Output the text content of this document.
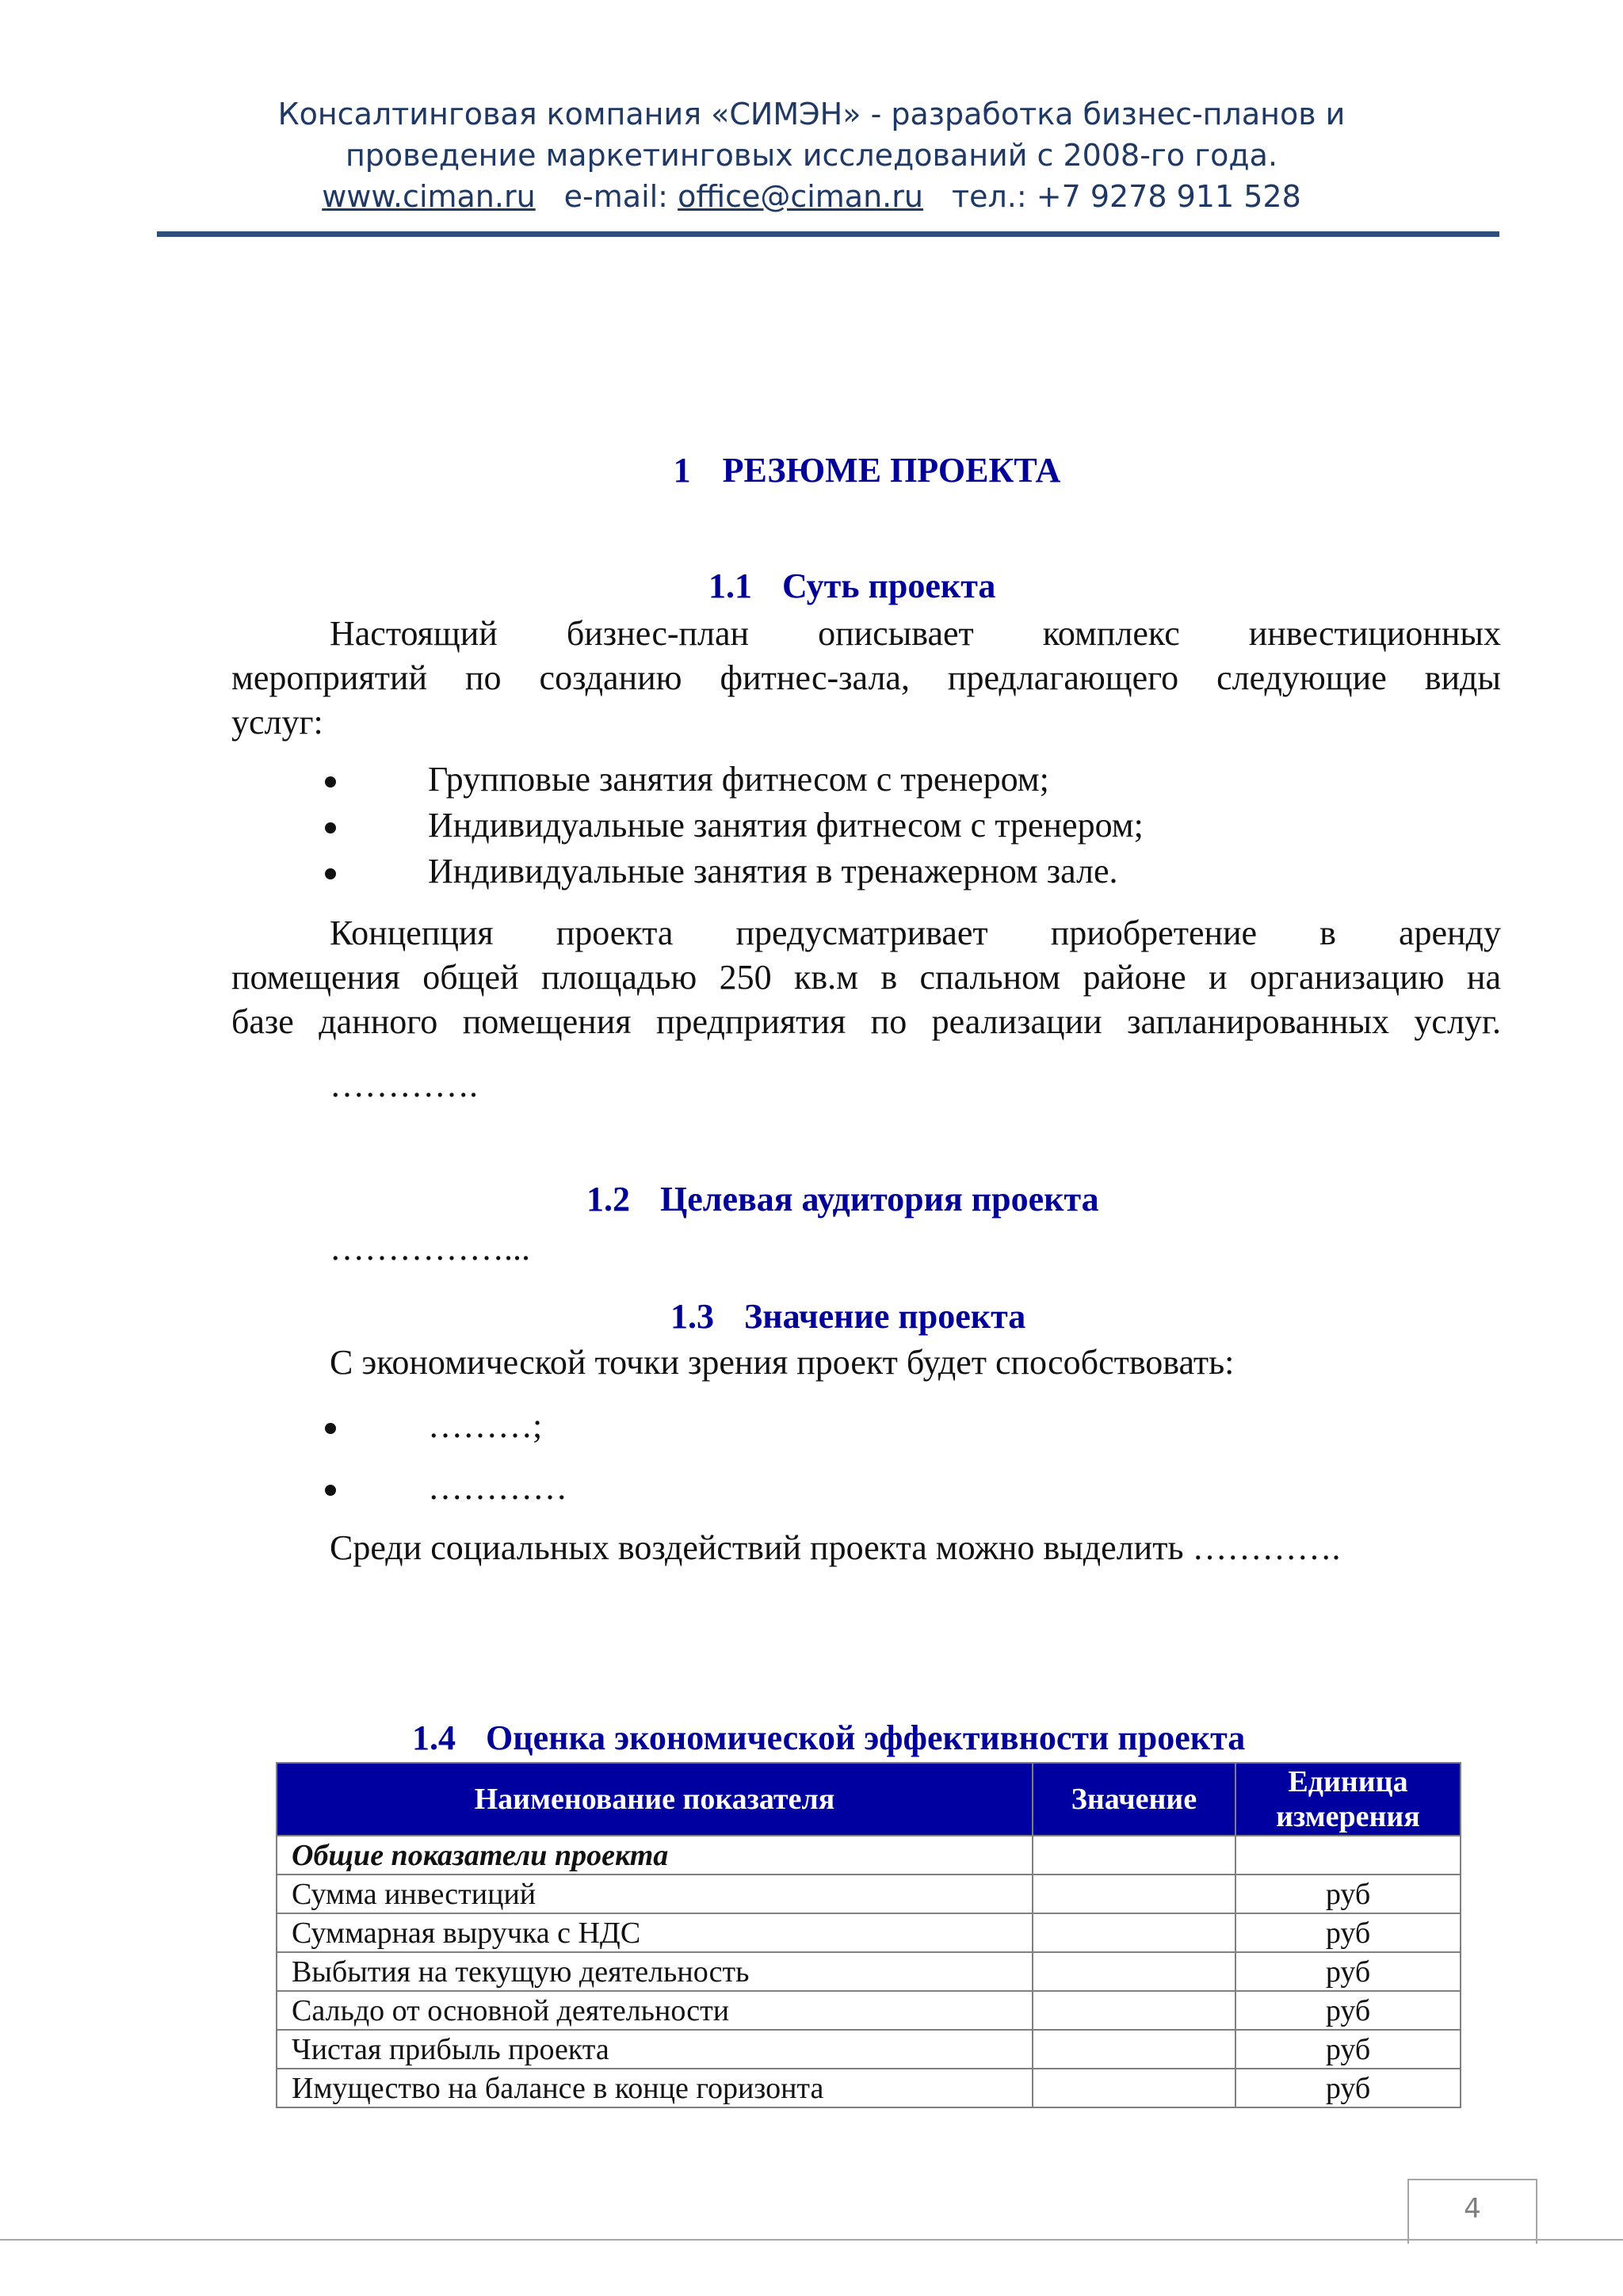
Консалтинговая компания «СИМЭН» - разработка бизнес-планов и
проведение маркетинговых исследований с 2008-го года.
www.ciman.ru e-mail: office@ciman.ru тел.: +7 9278 911 528
1 РЕЗЮМЕ ПРОЕКТА
1.1 Суть проекта
Настоящий бизнес-план описывает комплекс инвестиционных
мероприятий по созданию фитнес-зала, предлагающего следующие виды
услуг:
Групповые занятия фитнесом с тренером;
Индивидуальные занятия фитнесом с тренером;
Индивидуальные занятия в тренажерном зале.
Концепция проекта предусматривает приобретение в аренду
помещения общей площадью 250 кв.м в спальном районе и организацию на
базе данного помещения предприятия по реализации запланированных услуг.
………….
1.2 Целевая аудитория проекта
……………...
1.3 Значение проекта
С экономической точки зрения проект будет способствовать:
………;
…………
Среди социальных воздействий проекта можно выделить ………….
1.4 Оценка экономической эффективности проекта
Наименование показателя	Значение	Единица измерения
Общие показатели проекта		
Сумма инвестиций		руб
Суммарная выручка с НДС		руб
Выбытия на текущую деятельность		руб
Сальдо от основной деятельности		руб
Чистая прибыль проекта		руб
Имущество на балансе в конце горизонта		руб
4
